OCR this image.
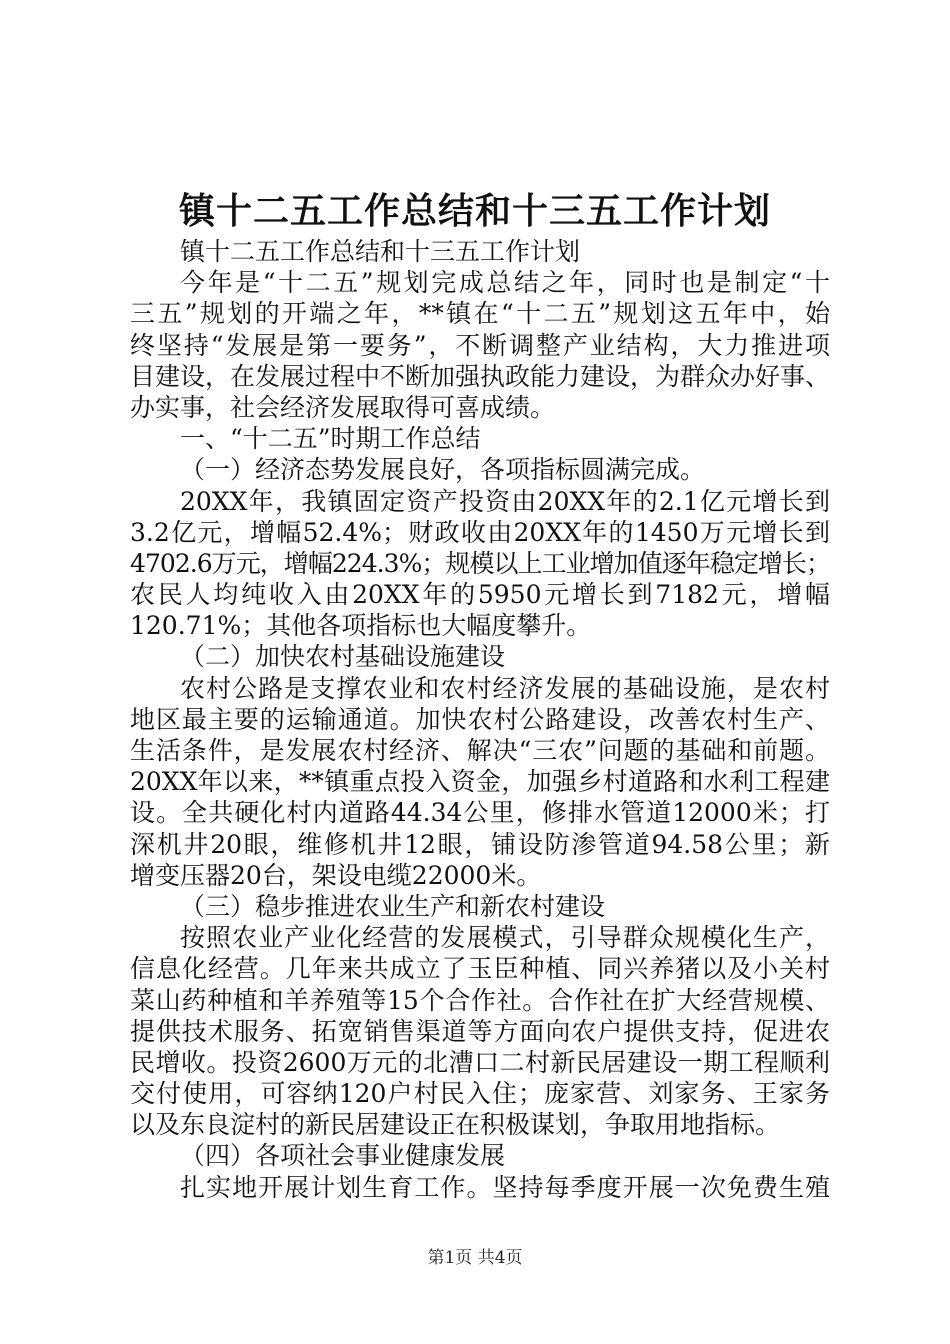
镇十二五工作总结和十三五工作计划
镇十二五工作总结和十三五工作计划
今年是“十二五”规划完成总结之年，同时也是制定“十
三五”规划的开端之年，**镇在“十二五”规划这五年中，始
终坚持“发展是第一要务”，不断调整产业结构，大力推进项
目建设，在发展过程中不断加强执政能力建设，为群众办好事、
办实事，社会经济发展取得可喜成绩。
一、“十二五”时期工作总结
（一）经济态势发展良好，各项指标圆满完成。
20XX年，我镇固定资产投资由20XX年的2.1亿元增长到
3.2亿元，增幅52.4%；财政收由20XX年的1450万元增长到
4702.6万元，增幅224.3%；规模以上工业增加值逐年稳定增长；
农民人均纯收入由20XX年的5950元增长到7182元，增幅
120.71%；其他各项指标也大幅度攀升。
（二）加快农村基础设施建设
农村公路是支撑农业和农村经济发展的基础设施，是农村
地区最主要的运输通道。加快农村公路建设，改善农村生产、
生活条件，是发展农村经济、解决“三农”问题的基础和前题。
20XX年以来，**镇重点投入资金，加强乡村道路和水利工程建
设。全共硬化村内道路44.34公里，修排水管道12000米；打
深机井20眼，维修机井12眼，铺设防渗管道94.58公里；新
增变压器20台，架设电缆22000米。
（三）稳步推进农业生产和新农村建设
按照农业产业化经营的发展模式，引导群众规模化生产，
信息化经营。几年来共成立了玉臣种植、同兴养猪以及小关村
菜山药种植和羊养殖等15个合作社。合作社在扩大经营规模、
提供技术服务、拓宽销售渠道等方面向农户提供支持，促进农
民增收。投资2600万元的北漕口二村新民居建设一期工程顺利
交付使用，可容纳120户村民入住；庞家营、刘家务、王家务
以及东良淀村的新民居建设正在积极谋划，争取用地指标。
（四）各项社会事业健康发展
扎实地开展计划生育工作。坚持每季度开展一次免费生殖
第1页 共4页
